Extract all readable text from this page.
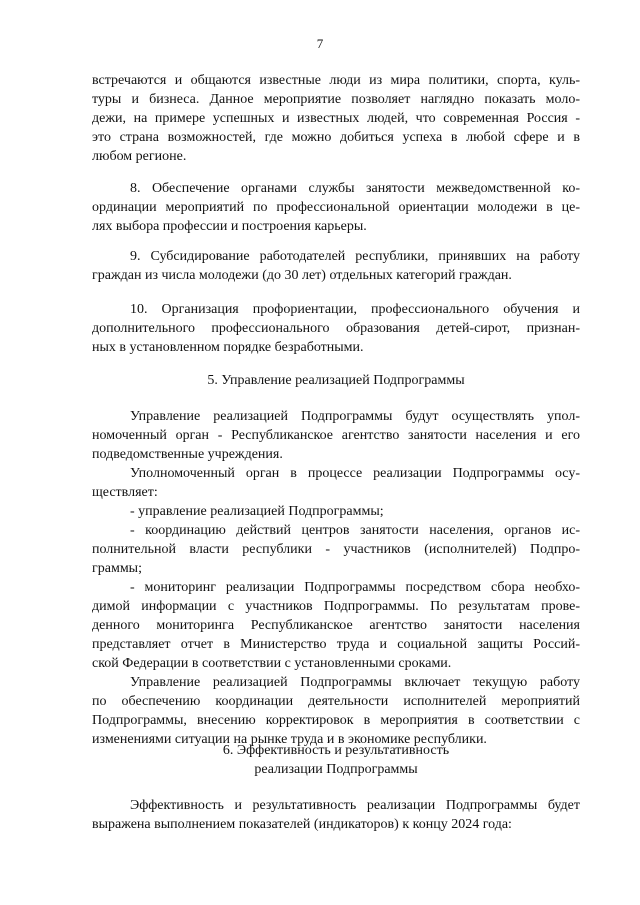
7
встречаются и общаются известные люди из мира политики, спорта, куль-
туры и бизнеса. Данное мероприятие позволяет наглядно показать моло-
дежи, на примере успешных и известных людей, что современная Россия -
это страна возможностей, где можно добиться успеха в любой сфере и в
любом регионе.
8. Обеспечение органами службы занятости межведомственной ко-
ординации мероприятий по профессиональной ориентации молодежи в це-
лях выбора профессии и построения карьеры.
9. Субсидирование работодателей республики, принявших на работу
граждан из числа молодежи (до 30 лет) отдельных категорий граждан.
10. Организация профориентации, профессионального обучения и
дополнительного профессионального образования детей-сирот, признан-
ных в установленном порядке безработными.
5. Управление реализацией Подпрограммы
Управление реализацией Подпрограммы будут осуществлять упол-
номоченный орган - Республиканское агентство занятости населения и его
подведомственные учреждения.
Уполномоченный орган в процессе реализации Подпрограммы осу-
ществляет:
- управление реализацией Подпрограммы;
- координацию действий центров занятости населения, органов ис-
полнительной власти республики - участников (исполнителей) Подпро-
граммы;
- мониторинг реализации Подпрограммы посредством сбора необхо-
димой информации с участников Подпрограммы. По результатам прове-
денного мониторинга Республиканское агентство занятости населения
представляет отчет в Министерство труда и социальной защиты Россий-
ской Федерации в соответствии с установленными сроками.
Управление реализацией Подпрограммы включает текущую работу
по обеспечению координации деятельности исполнителей мероприятий
Подпрограммы, внесению корректировок в мероприятия в соответствии с
изменениями ситуации на рынке труда и в экономике республики.
6. Эффективность и результативность
реализации Подпрограммы
Эффективность и результативность реализации Подпрограммы будет
выражена выполнением показателей (индикаторов) к концу 2024 года:
